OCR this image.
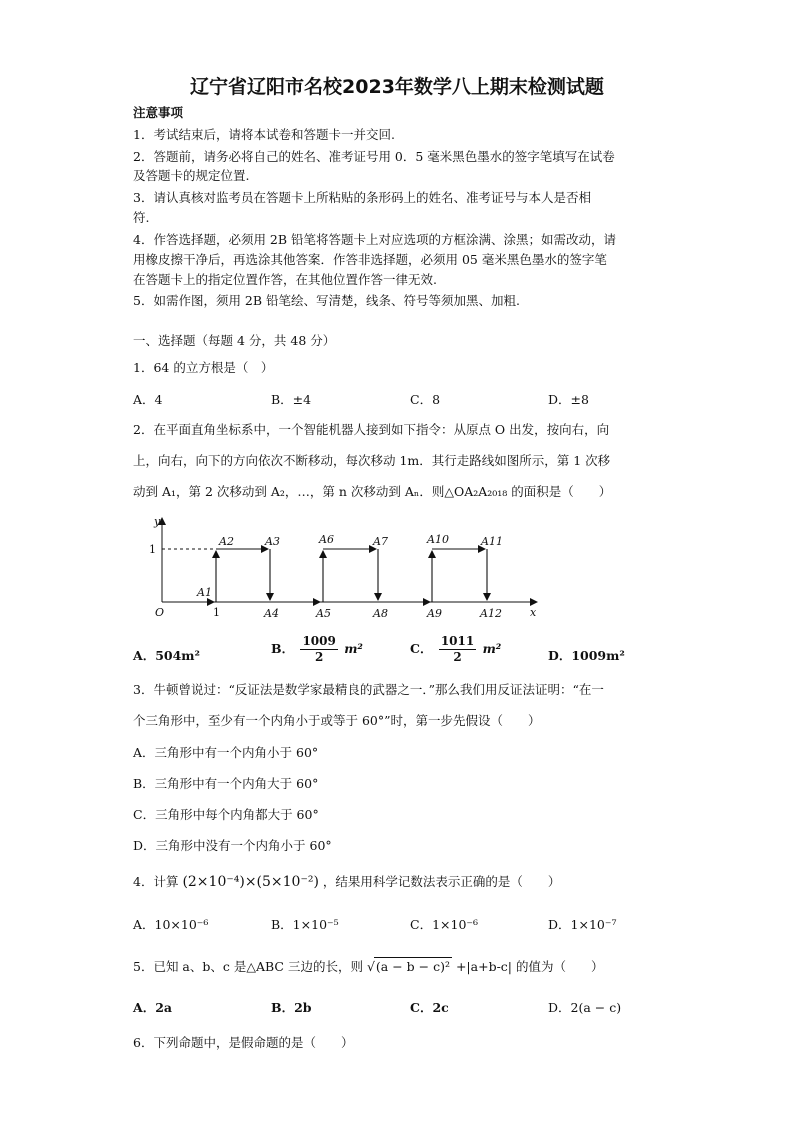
辽宁省辽阳市名校2023年数学八上期末检测试题
注意事项
1．考试结束后，请将本试卷和答题卡一并交回.
2．答题前，请务必将自己的姓名、准考证号用 0．5 毫米黑色墨水的签字笔填写在试卷
及答题卡的规定位置.
3．请认真核对监考员在答题卡上所粘贴的条形码上的姓名、准考证号与本人是否相
符.
4．作答选择题，必须用 2B 铅笔将答题卡上对应选项的方框涂满、涂黑；如需改动，请
用橡皮擦干净后，再选涂其他答案．作答非选择题，必须用 05 毫米黑色墨水的签字笔
在答题卡上的指定位置作答，在其他位置作答一律无效.
5．如需作图，须用 2B 铅笔绘、写清楚，线条、符号等须加黑、加粗.
一、选择题（每题 4 分，共 48 分）
1．64 的立方根是（　）
A．4	B．±4	C．8	D．±8
2．在平面直角坐标系中，一个智能机器人接到如下指令：从原点 O 出发，按向右，向
上，向右，向下的方向依次不断移动，每次移动 1m．其行走路线如图所示，第 1 次移
动到 A₁，第 2 次移动到 A₂，…，第 n 次移动到 Aₙ．则△OA₂A₂₀₁₈ 的面积是（　　）
y
x
O
1
1
A1
A2	A3	A6	A7	A10	A11
A4	A5	A8	A9	A12
A．504m²	B． $\frac{1009}{2} m^2$	C． $\frac{1011}{2} m^2$	D．1009m²
3．牛顿曾说过：“反证法是数学家最精良的武器之一．”那么我们用反证法证明：“在一
个三角形中，至少有一个内角小于或等于 60°”时，第一步先假设（　　）
A．三角形中有一个内角小于 60°
B．三角形中有一个内角大于 60°
C．三角形中每个内角都大于 60°
D．三角形中没有一个内角小于 60°
4．计算 (2×10⁻⁴)×(5×10⁻²) ，结果用科学记数法表示正确的是（　　）
A．10×10⁻⁶	B．1×10⁻⁵	C．1×10⁻⁶	D．1×10⁻⁷
5．已知 a、b、c 是△ABC 三边的长，则 √(a − b − c)² +|a+b-c| 的值为（　　）
A．2a	B．2b	C．2c	D．2(a − c)
6．下列命题中，是假命题的是（　　）
